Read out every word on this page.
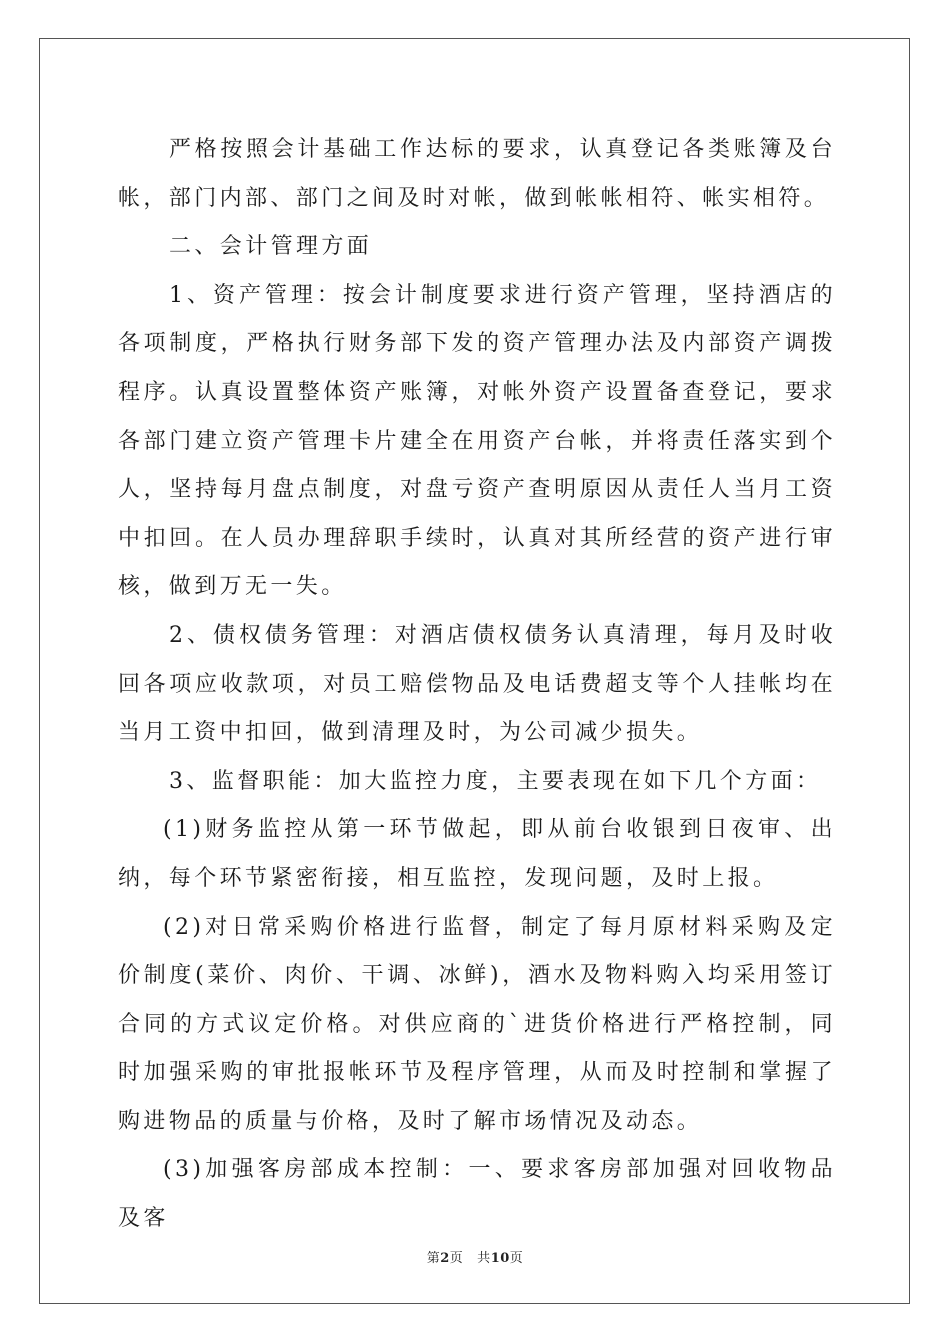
严格按照会计基础工作达标的要求，认真登记各类账簿及台帐，部门内部、部门之间及时对帐，做到帐帐相符、帐实相符。

二、会计管理方面

1、资产管理：按会计制度要求进行资产管理，坚持酒店的各项制度，严格执行财务部下发的资产管理办法及内部资产调拨程序。认真设置整体资产账簿，对帐外资产设置备查登记，要求各部门建立资产管理卡片建全在用资产台帐，并将责任落实到个人，坚持每月盘点制度，对盘亏资产查明原因从责任人当月工资中扣回。在人员办理辞职手续时，认真对其所经营的资产进行审核，做到万无一失。

2、债权债务管理：对酒店债权债务认真清理，每月及时收回各项应收款项，对员工赔偿物品及电话费超支等个人挂帐均在当月工资中扣回，做到清理及时，为公司减少损失。

3、监督职能：加大监控力度，主要表现在如下几个方面：

(1)财务监控从第一环节做起，即从前台收银到日夜审、出纳，每个环节紧密衔接，相互监控，发现问题，及时上报。

(2)对日常采购价格进行监督，制定了每月原材料采购及定价制度(菜价、肉价、干调、冰鲜)，酒水及物料购入均采用签订合同的方式议定价格。对供应商的`进货价格进行严格控制，同时加强采购的审批报帐环节及程序管理，从而及时控制和掌握了购进物品的质量与价格，及时了解市场情况及动态。

(3)加强客房部成本控制：一、要求客房部加强对回收物品及客

第2页 共10页
